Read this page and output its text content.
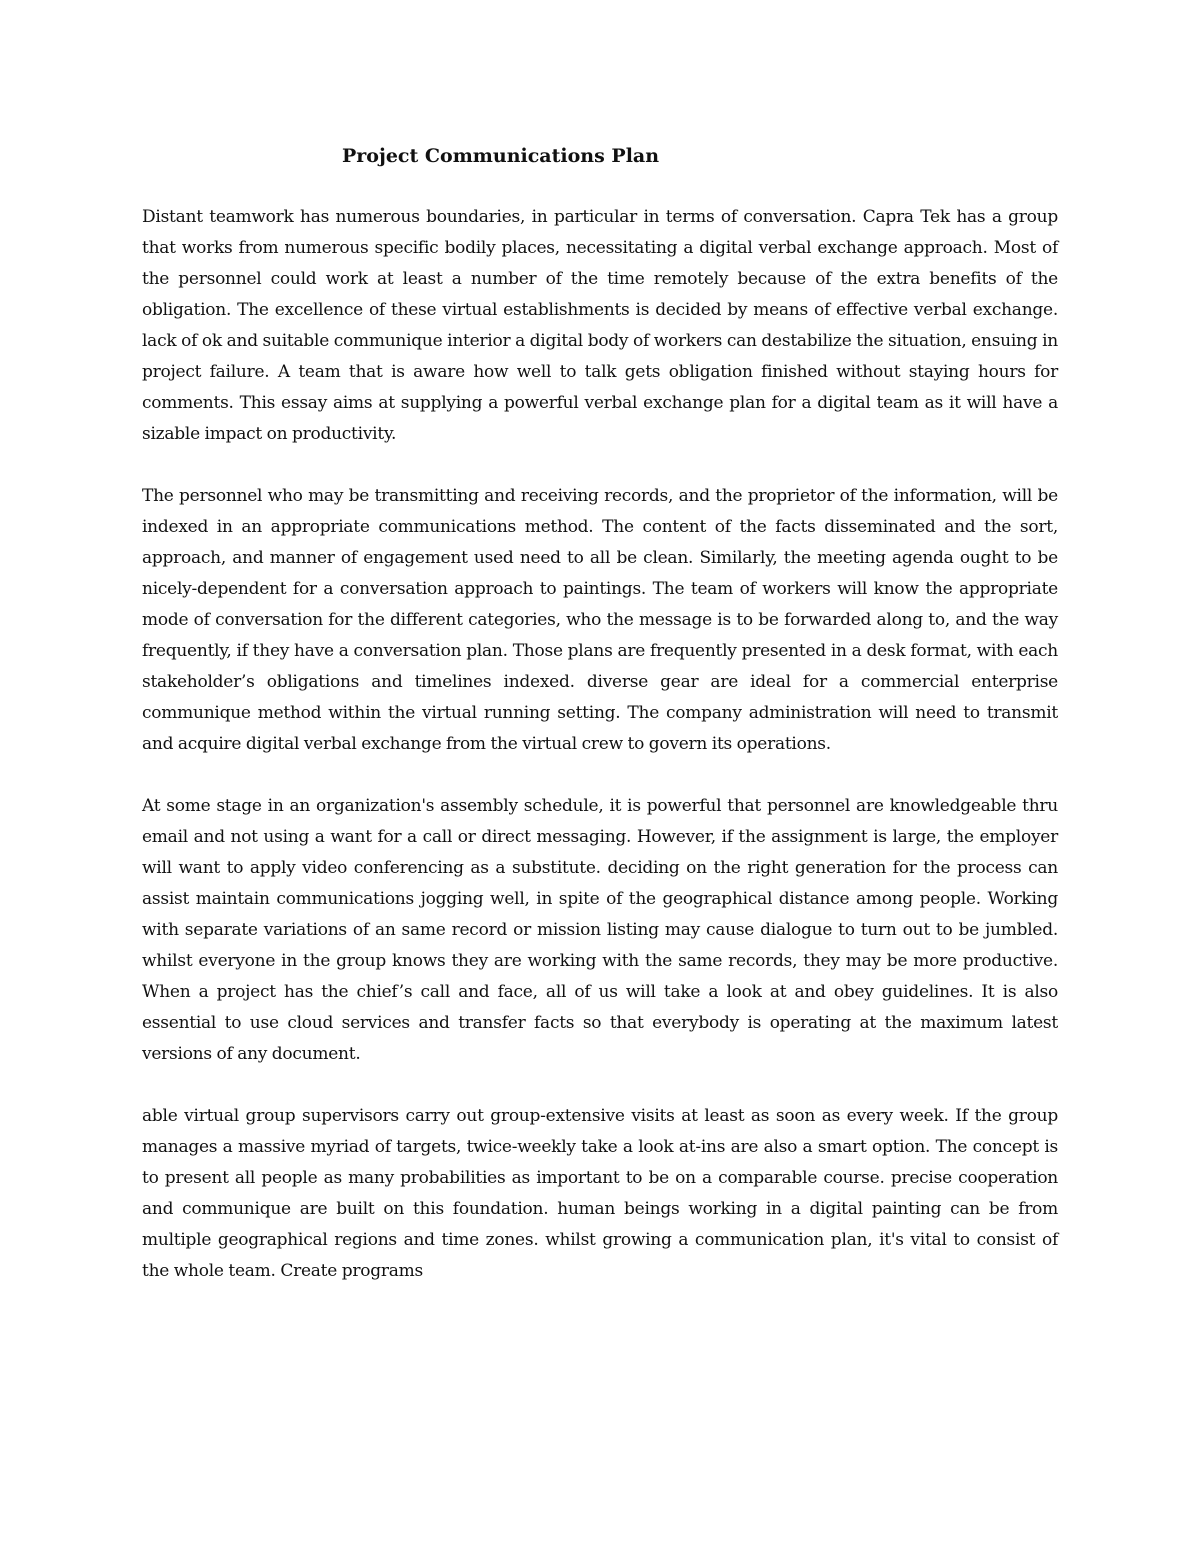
Project Communications Plan

Distant teamwork has numerous boundaries, in particular in terms of conversation. Capra Tek has a group that works from numerous specific bodily places, necessitating a digital verbal exchange approach. Most of the personnel could work at least a number of the time remotely because of the extra benefits of the obligation. The excellence of these virtual establishments is decided by means of effective verbal exchange. lack of ok and suitable communique interior a digital body of workers can destabilize the situation, ensuing in project failure. A team that is aware how well to talk gets obligation finished without staying hours for comments. This essay aims at supplying a powerful verbal exchange plan for a digital team as it will have a sizable impact on productivity.

The personnel who may be transmitting and receiving records, and the proprietor of the information, will be indexed in an appropriate communications method. The content of the facts disseminated and the sort, approach, and manner of engagement used need to all be clean. Similarly, the meeting agenda ought to be nicely-dependent for a conversation approach to paintings. The team of workers will know the appropriate mode of conversation for the different categories, who the message is to be forwarded along to, and the way frequently, if they have a conversation plan. Those plans are frequently presented in a desk format, with each stakeholder’s obligations and timelines indexed. diverse gear are ideal for a commercial enterprise communique method within the virtual running setting. The company administration will need to transmit and acquire digital verbal exchange from the virtual crew to govern its operations.

At some stage in an organization's assembly schedule, it is powerful that personnel are knowledgeable thru email and not using a want for a call or direct messaging. However, if the assignment is large, the employer will want to apply video conferencing as a substitute. deciding on the right generation for the process can assist maintain communications jogging well, in spite of the geographical distance among people. Working with separate variations of an same record or mission listing may cause dialogue to turn out to be jumbled. whilst everyone in the group knows they are working with the same records, they may be more productive. When a project has the chief’s call and face, all of us will take a look at and obey guidelines. It is also essential to use cloud services and transfer facts so that everybody is operating at the maximum latest versions of any document.

able virtual group supervisors carry out group-extensive visits at least as soon as every week. If the group manages a massive myriad of targets, twice-weekly take a look at-ins are also a smart option. The concept is to present all people as many probabilities as important to be on a comparable course. precise cooperation and communique are built on this foundation. human beings working in a digital painting can be from multiple geographical regions and time zones. whilst growing a communication plan, it's vital to consist of the whole team. Create programs
